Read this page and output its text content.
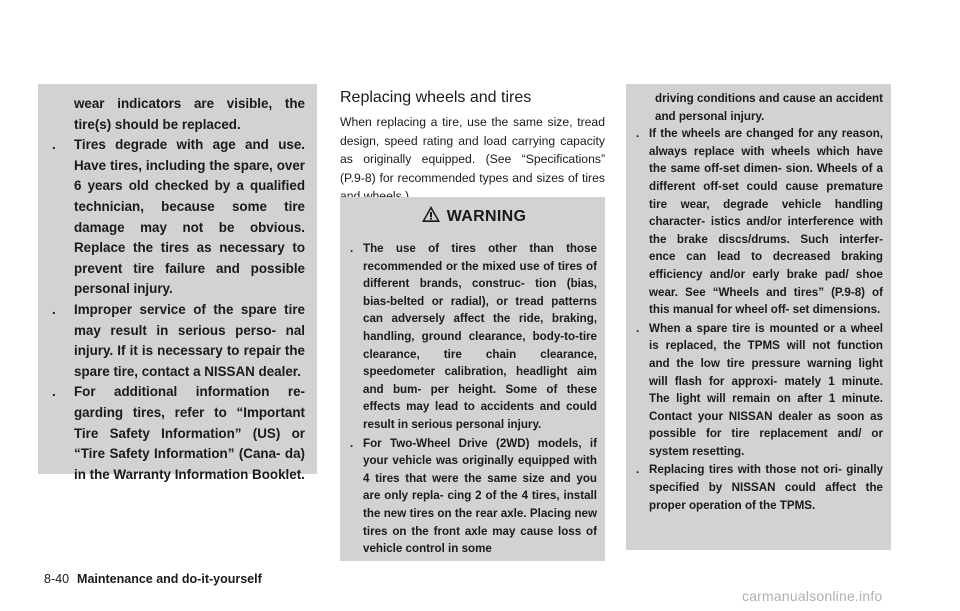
wear indicators are visible, the tire(s) should be replaced.
.	Tires degrade with age and use. Have tires, including the spare, over 6 years old checked by a qualified technician, because some tire damage may not be obvious. Replace the tires as necessary to prevent tire failure and possible personal injury.
.	Improper service of the spare tire may result in serious perso- nal injury. If it is necessary to repair the spare tire, contact a NISSAN dealer.
.	For additional information re- garding tires, refer to “Important Tire Safety Information” (US) or “Tire Safety Information” (Cana- da) in the Warranty Information Booklet.
Replacing wheels and tires

When replacing a tire, use the same size, tread design, speed rating and load carrying capacity as originally equipped. (See “Specifications” (P.9-8) for recommended types and sizes of tires

WARNING
. The use of tires other than those recommended or the mixed use of tires of different brands, construc- tion (bias, bias-belted or radial), or tread patterns can adversely affect the ride, braking, handling, ground clearance, body-to-tire clearance, tire chain clearance, speedometer calibration, headlight aim and bum- per height. Some of these effects may lead to accidents and could result in serious personal injury.
. For Two-Wheel Drive (2WD) models, if your vehicle was originally equipped with 4 tires that were the same size and you are only repla- cing 2 of the 4 tires, install the new tires on the rear axle. Placing new tires on the front axle may cause loss of vehicle control in some
driving conditions and cause an accident and personal injury.
. If the wheels are changed for any reason, always replace with wheels which have the same off-set dimen- sion. Wheels of a different off-set could cause premature tire wear, degrade vehicle handling character- istics and/or interference with the brake discs/drums. Such interfer- ence can lead to decreased braking efficiency and/or early brake pad/ shoe wear. See “Wheels and tires” (P.9-8) of this manual for wheel off- set dimensions.
. When a spare tire is mounted or a wheel is replaced, the TPMS will not function and the low tire pressure warning light will flash for approxi- mately 1 minute. The light will remain on after 1 minute. Contact your NISSAN dealer as soon as possible for tire replacement and/ or system resetting.
. Replacing tires with those not ori- ginally specified by NISSAN could affect the proper operation of the TPMS.
8-40 Maintenance and do-it-yourself
carmanualsonline.info
